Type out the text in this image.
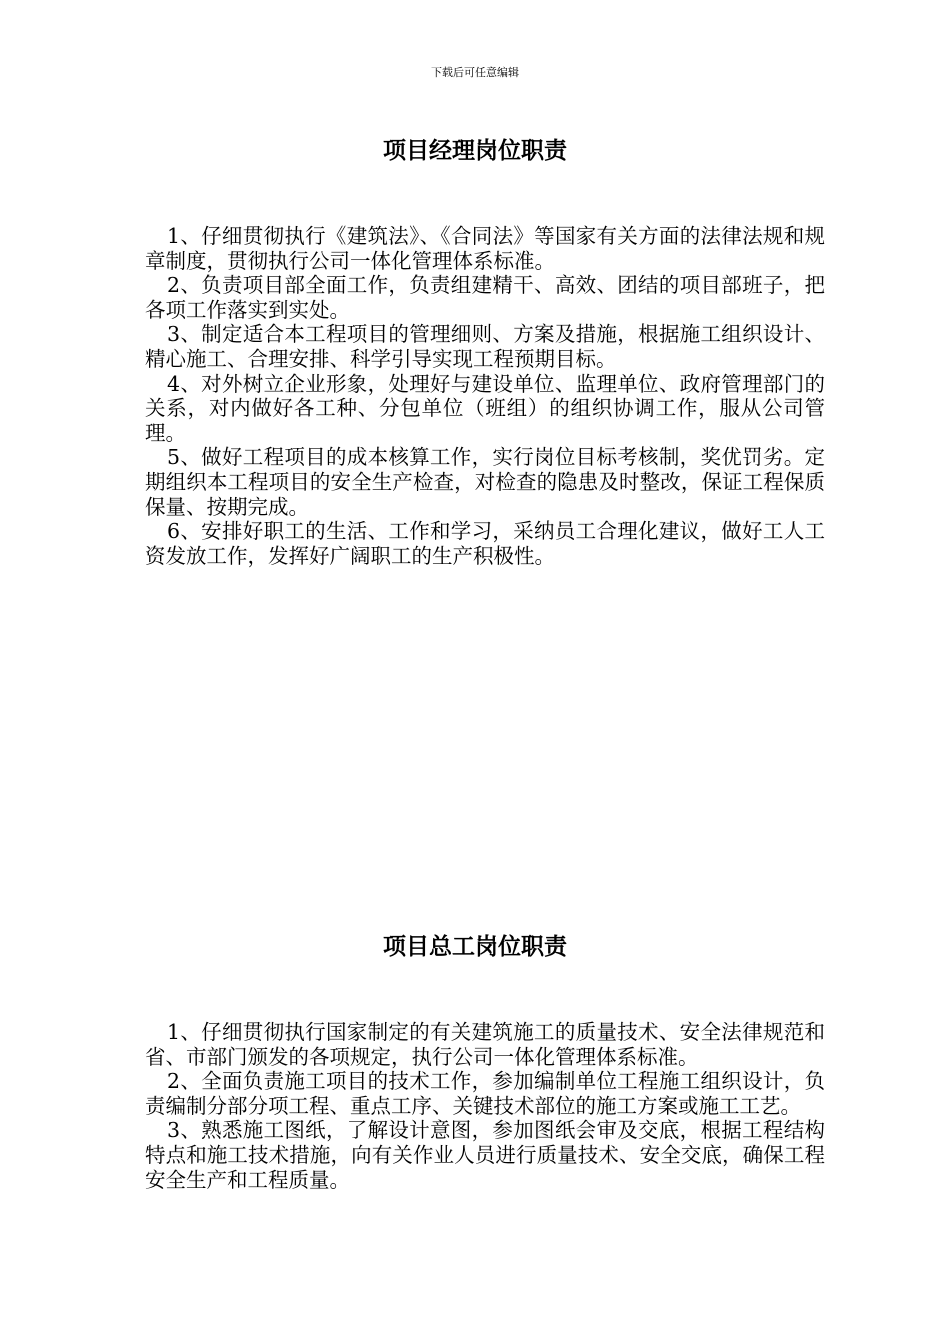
下载后可任意编辑
项目经理岗位职责

1、仔细贯彻执行《建筑法》、《合同法》等国家有关方面的法律法规和规章制度，贯彻执行公司一体化管理体系标准。

2、负责项目部全面工作，负责组建精干、高效、团结的项目部班子，把各项工作落实到实处。

3、制定适合本工程项目的管理细则、方案及措施，根据施工组织设计、精心施工、合理安排、科学引导实现工程预期目标。

4、对外树立企业形象，处理好与建设单位、监理单位、政府管理部门的关系，对内做好各工种、分包单位（班组）的组织协调工作，服从公司管理。

5、做好工程项目的成本核算工作，实行岗位目标考核制，奖优罚劣。定期组织本工程项目的安全生产检查，对检查的隐患及时整改，保证工程保质保量、按期完成。

6、安排好职工的生活、工作和学习，采纳员工合理化建议，做好工人工资发放工作，发挥好广阔职工的生产积极性。

项目总工岗位职责

1、仔细贯彻执行国家制定的有关建筑施工的质量技术、安全法律规范和省、市部门颁发的各项规定，执行公司一体化管理体系标准。

2、全面负责施工项目的技术工作，参加编制单位工程施工组织设计，负责编制分部分项工程、重点工序、关键技术部位的施工方案或施工工艺。

3、熟悉施工图纸，了解设计意图，参加图纸会审及交底，根据工程结构特点和施工技术措施，向有关作业人员进行质量技术、安全交底，确保工程安全生产和工程质量。
